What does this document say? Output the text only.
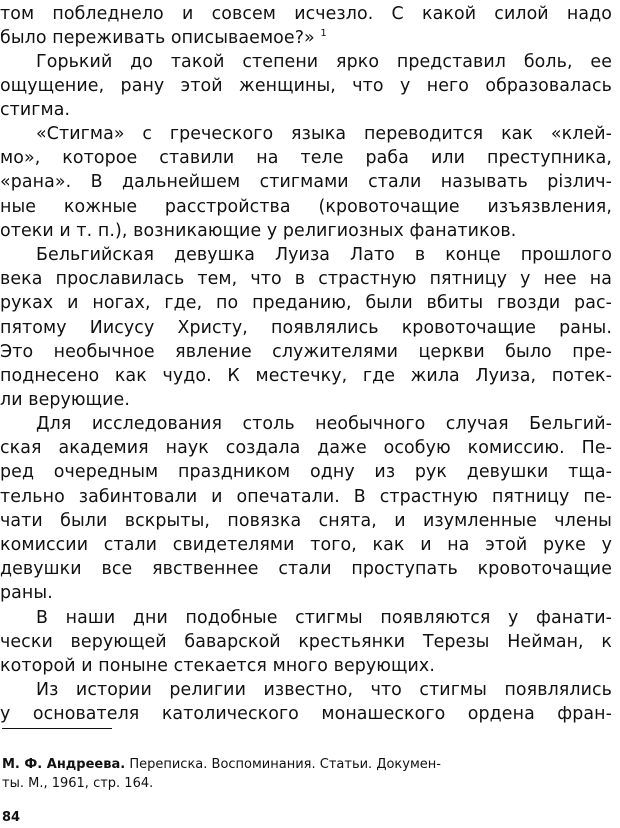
том побледнело и совсем исчезло. С какой силой надо
было переживать описываемое?» $^1$
Горький до такой степени ярко представил боль, ее
ощущение, рану этой женщины, что у него образовалась
стигма.
«Стигма» с греческого языка переводится как «клей-
мо», которое ставили на теле раба или преступника,
«рана». В дальнейшем стигмами стали называть різлич-
ные кожные расстройства (кровоточащие изъязвления,
отеки и т. п.), возникающие у религиозных фанатиков.
Бельгийская девушка Луиза Лато в конце прошлого
века прославилась тем, что в страстную пятницу у нее на
руках и ногах, где, по преданию, были вбиты гвозди рас-
пятому Иисусу Христу, появлялись кровоточащие раны.
Это необычное явление служителями церкви было пре-
поднесено как чудо. К местечку, где жила Луиза, потек-
ли верующие.
Для исследования столь необычного случая Бельгий-
ская академия наук создала даже особую комиссию. Пе-
ред очередным праздником одну из рук девушки тща-
тельно забинтовали и опечатали. В страстную пятницу пе-
чати были вскрыты, повязка снята, и изумленные члены
комиссии стали свидетелями того, как и на этой руке у
девушки все явственнее стали проступать кровоточащие
раны.
В наши дни подобные стигмы появляются у фанати-
чески верующей баварской крестьянки Терезы Нейман, к
которой и поныне стекается много верующих.
Из истории религии известно, что стигмы появлялись
у основателя католического монашеского ордена фран-
М. Ф. Андреева. Переписка. Воспоминания. Статьи. Докумен-
ты. М., 1961, стр. 164.
84
